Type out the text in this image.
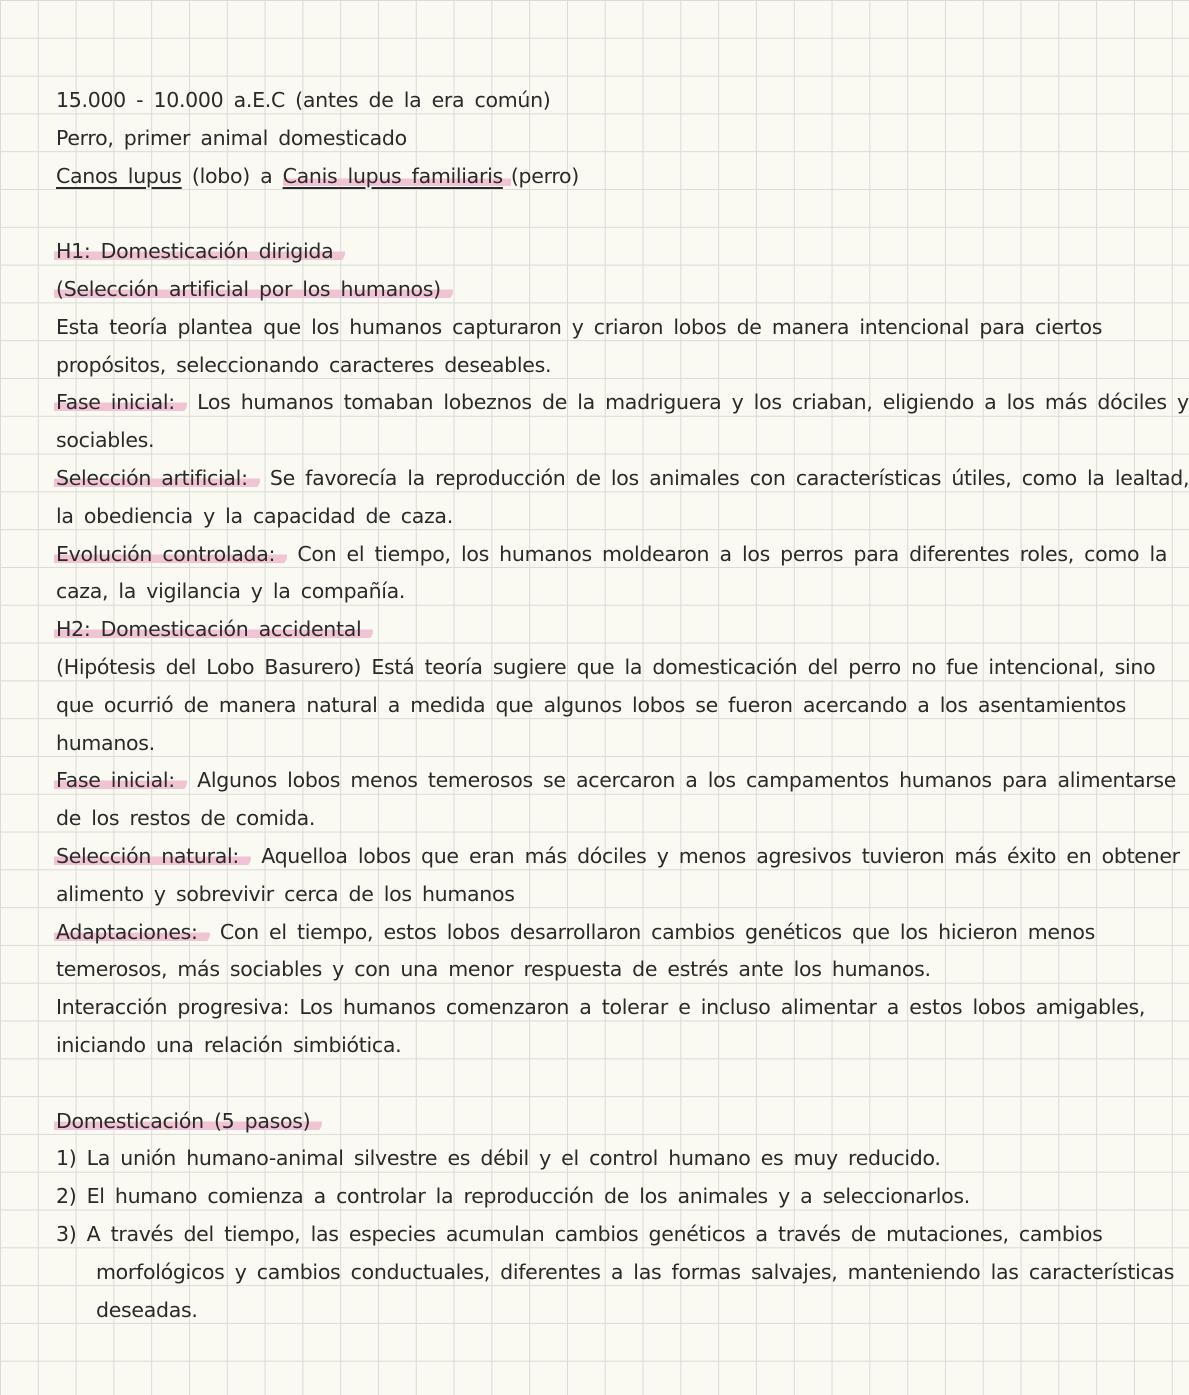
15.000 - 10.000 a.E.C (antes de la era común)
Perro, primer animal domesticado
Canos lupus (lobo) a Canis lupus familiaris (perro)
H1: Domesticación dirigida
(Selección artificial por los humanos)
Esta teoría plantea que los humanos capturaron y criaron lobos de manera intencional para ciertos
propósitos, seleccionando caracteres deseables.
Fase inicial: Los humanos tomaban lobeznos de la madriguera y los criaban, eligiendo a los más dóciles y
sociables.
Selección artificial: Se favorecía la reproducción de los animales con características útiles, como la lealtad,
la obediencia y la capacidad de caza.
Evolución controlada: Con el tiempo, los humanos moldearon a los perros para diferentes roles, como la
caza, la vigilancia y la compañía.
H2: Domesticación accidental
(Hipótesis del Lobo Basurero) Está teoría sugiere que la domesticación del perro no fue intencional, sino
que ocurrió de manera natural a medida que algunos lobos se fueron acercando a los asentamientos
humanos.
Fase inicial: Algunos lobos menos temerosos se acercaron a los campamentos humanos para alimentarse
de los restos de comida.
Selección natural: Aquelloa lobos que eran más dóciles y menos agresivos tuvieron más éxito en obtener
alimento y sobrevivir cerca de los humanos
Adaptaciones: Con el tiempo, estos lobos desarrollaron cambios genéticos que los hicieron menos
temerosos, más sociables y con una menor respuesta de estrés ante los humanos.
Interacción progresiva: Los humanos comenzaron a tolerar e incluso alimentar a estos lobos amigables,
iniciando una relación simbiótica.
Domesticación (5 pasos)
1) La unión humano-animal silvestre es débil y el control humano es muy reducido.
2) El humano comienza a controlar la reproducción de los animales y a seleccionarlos.
3) A través del tiempo, las especies acumulan cambios genéticos a través de mutaciones, cambios
morfológicos y cambios conductuales, diferentes a las formas salvajes, manteniendo las características
deseadas.
